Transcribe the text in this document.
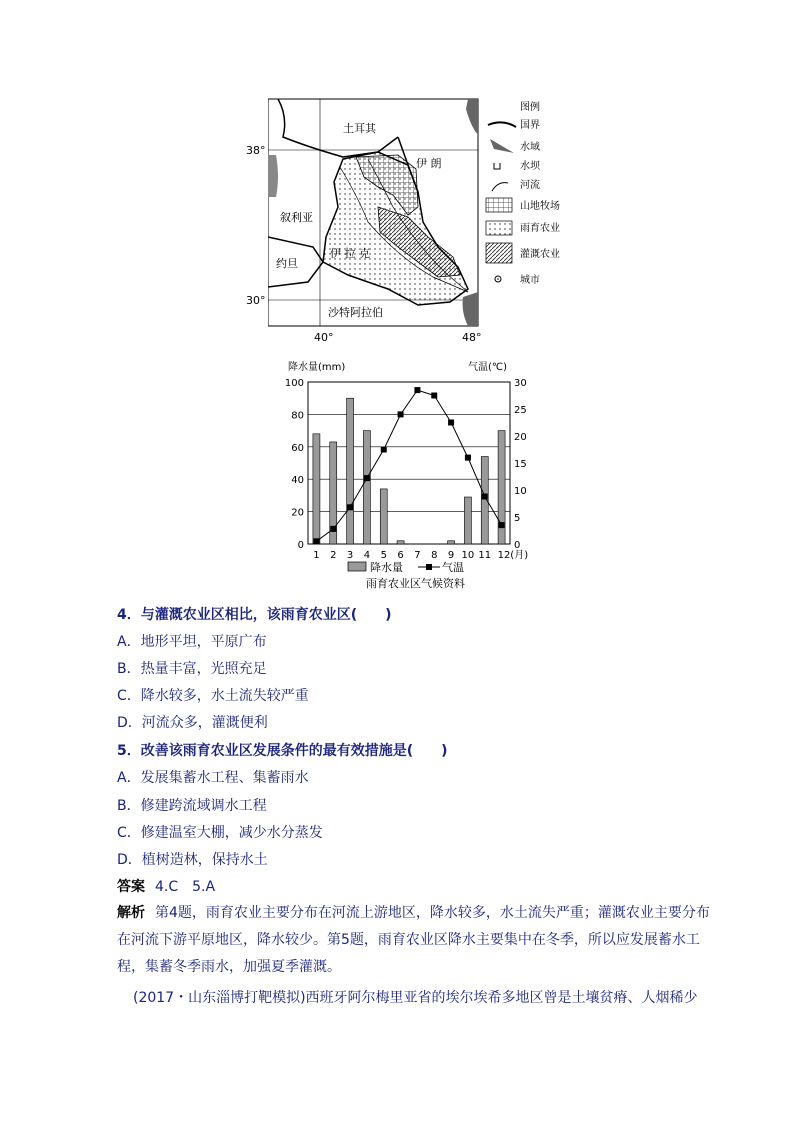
土耳其
伊 朗
叙利亚
伊 拉 克
约旦
沙特阿拉伯
40°	48°
图例
国界
水域
水坝
河流
山地牧场
雨育农业
灌溉农业
城市
38°
30°
降水量(mm)	气温(℃)
100
80
60
40
20
0
30
25
20
15
10
5
0
1 2 3 4 5 6 7 8 9 10 11 12(月)
降水量	气温
雨育农业区气候资料
4．与灌溉农业区相比，该雨育农业区(　　)
A．地形平坦，平原广布
B．热量丰富，光照充足
C．降水较多，水土流失较严重
D．河流众多，灌溉便利
5．改善该雨育农业区发展条件的最有效措施是(　　)
A．发展集蓄水工程、集蓄雨水
B．修建跨流域调水工程
C．修建温室大棚，减少水分蒸发
D．植树造林，保持水土
答案 4.C　5.A
解析 第4题，雨育农业主要分布在河流上游地区，降水较多，水土流失严重；灌溉农业主要分布在河流下游平原地区，降水较少。第5题，雨育农业区降水主要集中在冬季，所以应发展蓄水工程，集蓄冬季雨水，加强夏季灌溉。
(2017・山东淄博打靶模拟)西班牙阿尔梅里亚省的埃尔埃希多地区曾是土壤贫瘠、人烟稀少
